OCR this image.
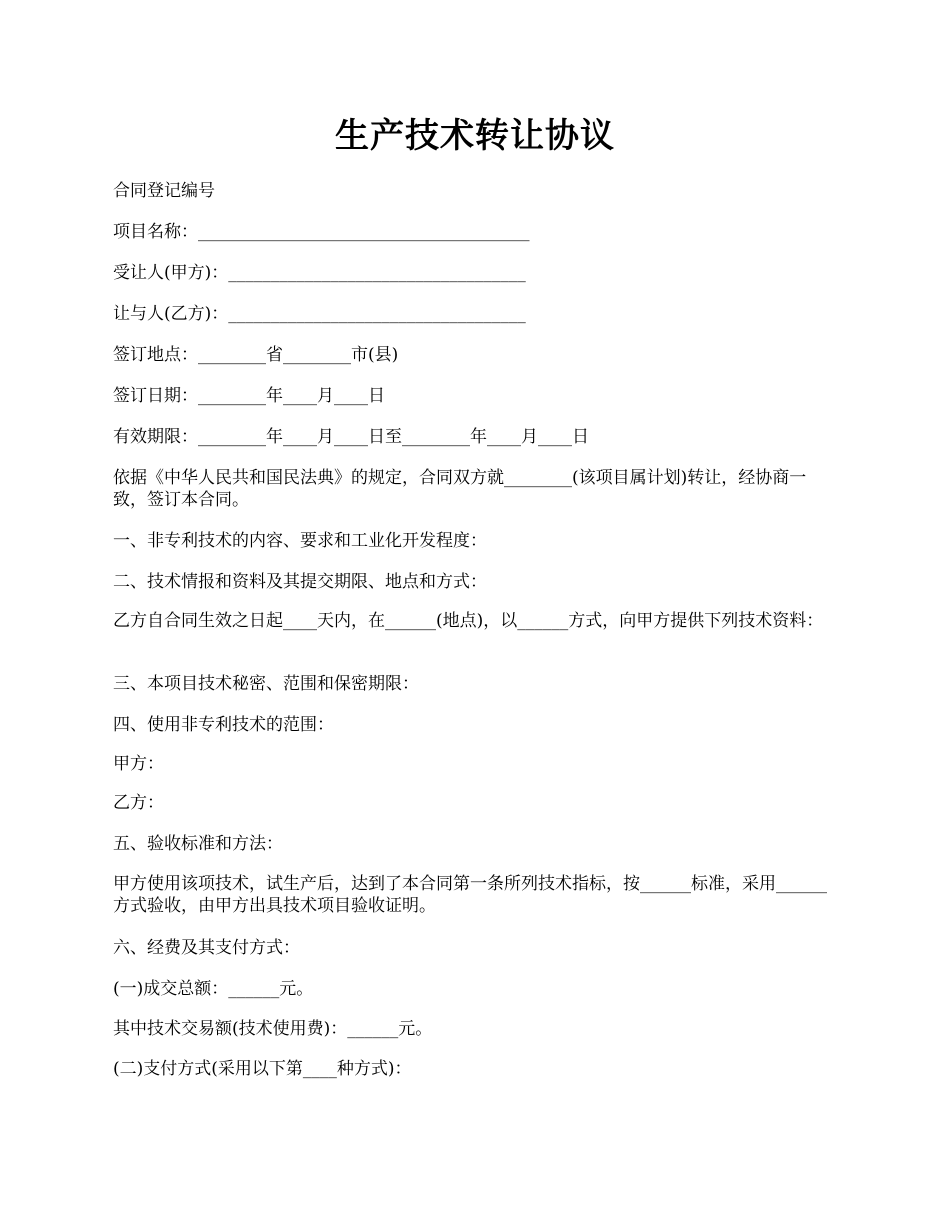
生产技术转让协议
合同登记编号
项目名称：_______________________________________
受让人(甲方)：___________________________________
让与人(乙方)：___________________________________
签订地点：________省________市(县)
签订日期：________年____月____日
有效期限：________年____月____日至________年____月____日
依据《中华人民共和国民法典》的规定，合同双方就________(该项目属计划)转让，经协商一致，签订本合同。
一、非专利技术的内容、要求和工业化开发程度：
二、技术情报和资料及其提交期限、地点和方式：
乙方自合同生效之日起____天内，在______(地点)，以______方式，向甲方提供下列技术资料：
三、本项目技术秘密、范围和保密期限：
四、使用非专利技术的范围：
甲方：
乙方：
五、验收标准和方法：
甲方使用该项技术，试生产后，达到了本合同第一条所列技术指标，按______标准，采用______方式验收，由甲方出具技术项目验收证明。
六、经费及其支付方式：
(一)成交总额：______元。
其中技术交易额(技术使用费)：______元。
(二)支付方式(采用以下第____种方式)：
